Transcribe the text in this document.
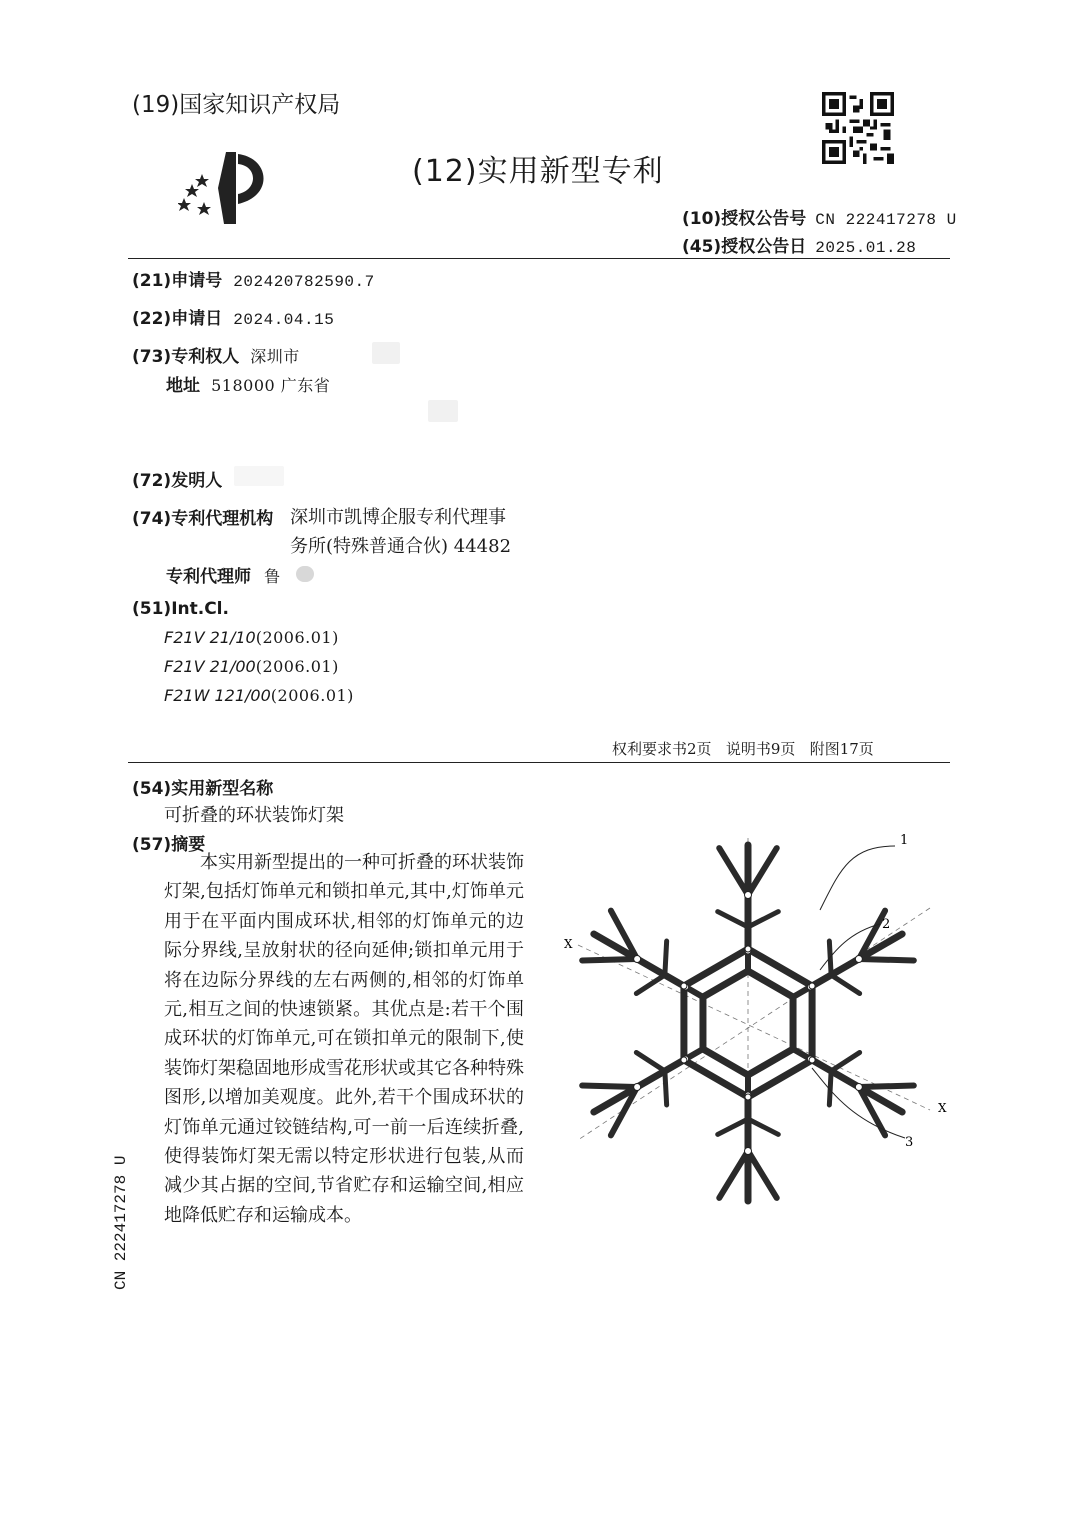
(19)国家知识产权局
(12)实用新型专利
(10)授权公告号 CN 222417278 U
(45)授权公告日 2025.01.28
(21)申请号 202420782590.7
(22)申请日 2024.04.15
(73)专利权人 深圳市
地址 518000 广东省
(72)发明人
(74)专利代理机构 深圳市凯博企服专利代理事
务所(特殊普通合伙) 44482
专利代理师 鲁
(51)Int.Cl.
F21V 21/10(2006.01)
F21V 21/00(2006.01)
F21W 121/00(2006.01)
权利要求书2页   说明书9页   附图17页
(54)实用新型名称
可折叠的环状装饰灯架
(57)摘要
本实用新型提出的一种可折叠的环状装饰灯架,包括灯饰单元和锁扣单元,其中,灯饰单元用于在平面内围成环状,相邻的灯饰单元的边际分界线,呈放射状的径向延伸;锁扣单元用于将在边际分界线的左右两侧的,相邻的灯饰单元,相互之间的快速锁紧。其优点是:若干个围成环状的灯饰单元,可在锁扣单元的限制下,使装饰灯架稳固地形成雪花形状或其它各种特殊图形,以增加美观度。此外,若干个围成环状的灯饰单元通过铰链结构,可一前一后连续折叠,使得装饰灯架无需以特定形状进行包装,从而减少其占据的空间,节省贮存和运输空间,相应地降低贮存和运输成本。
1
2
3
X
X
CN 222417278 U
